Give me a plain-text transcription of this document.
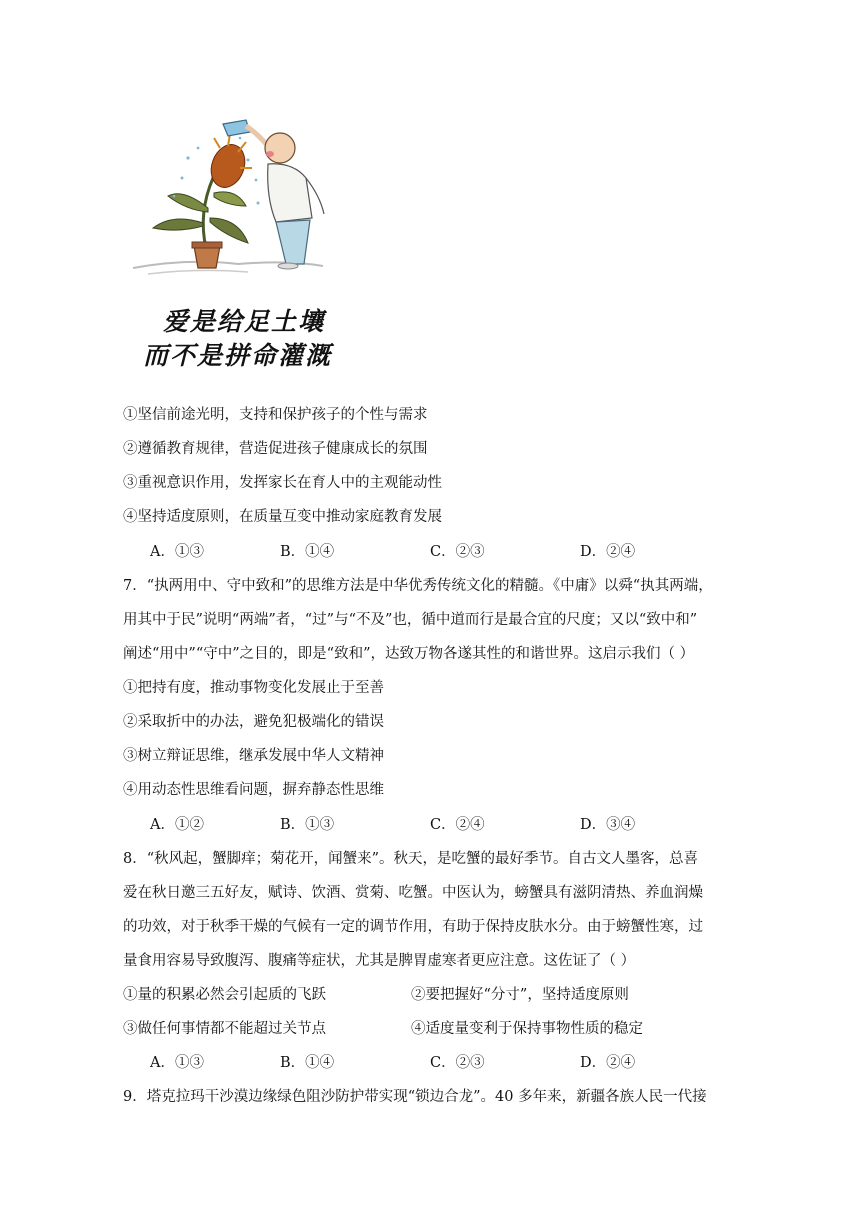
爱是给足土壤
而不是拼命灌溉
①坚信前途光明，支持和保护孩子的个性与需求
②遵循教育规律，营造促进孩子健康成长的氛围
③重视意识作用，发挥家长在育人中的主观能动性
④坚持适度原则，在质量互变中推动家庭教育发展
A．①③	B．①④	C．②③	D．②④
7．“执两用中、守中致和”的思维方法是中华优秀传统文化的精髓。《中庸》以舜“执其两端，
用其中于民”说明“两端”者，“过”与“不及”也，循中道而行是最合宜的尺度；又以“致中和”
阐述“用中”“守中”之目的，即是“致和”，达致万物各遂其性的和谐世界。这启示我们（ ）
①把持有度，推动事物变化发展止于至善
②采取折中的办法，避免犯极端化的错误
③树立辩证思维，继承发展中华人文精神
④用动态性思维看问题，摒弃静态性思维
A．①②	B．①③	C．②④	D．③④
8．“秋风起，蟹脚痒；菊花开，闻蟹来”。秋天，是吃蟹的最好季节。自古文人墨客，总喜
爱在秋日邀三五好友，赋诗、饮酒、赏菊、吃蟹。中医认为，螃蟹具有滋阴清热、养血润燥
的功效，对于秋季干燥的气候有一定的调节作用，有助于保持皮肤水分。由于螃蟹性寒，过
量食用容易导致腹泻、腹痛等症状，尤其是脾胃虚寒者更应注意。这佐证了（ ）
①量的积累必然会引起质的飞跃	②要把握好“分寸”，坚持适度原则
③做任何事情都不能超过关节点	④适度量变利于保持事物性质的稳定
A．①③	B．①④	C．②③	D．②④
9．塔克拉玛干沙漠边缘绿色阻沙防护带实现“锁边合龙”。40 多年来，新疆各族人民一代接
